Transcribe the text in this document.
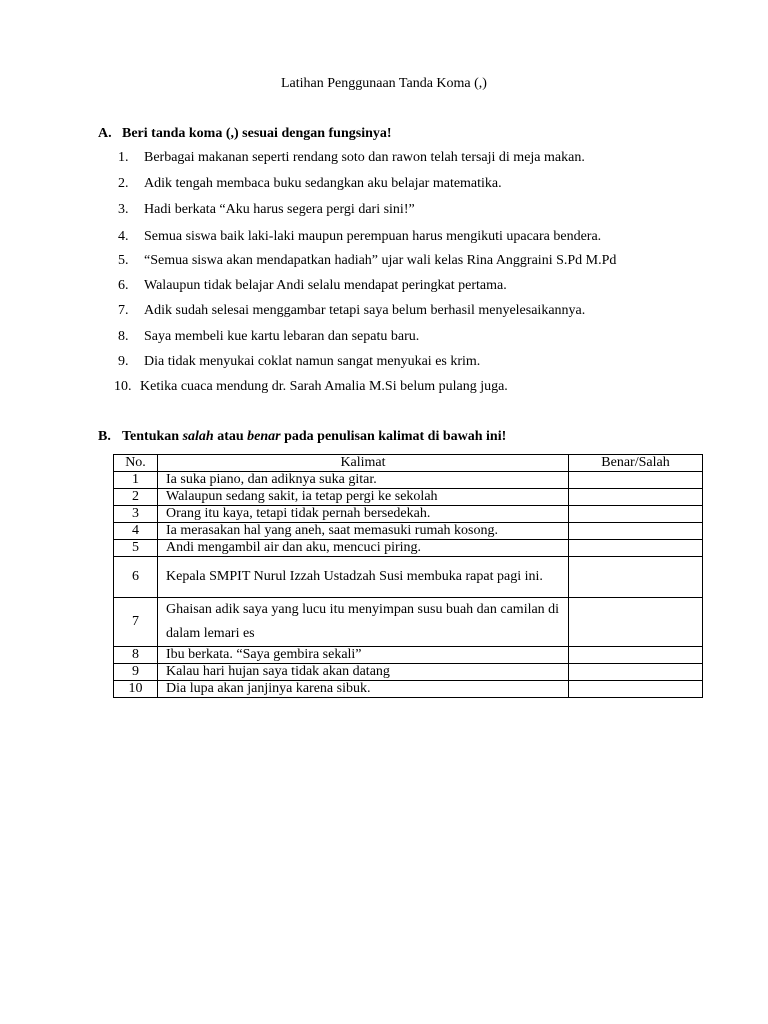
Latihan Penggunaan Tanda Koma (,)
A. Beri tanda koma (,) sesuai dengan fungsinya!
1. Berbagai makanan seperti rendang soto dan rawon telah tersaji di meja makan.
2. Adik tengah membaca buku sedangkan aku belajar matematika.
3. Hadi berkata “Aku harus segera pergi dari sini!”
4. Semua siswa baik laki-laki maupun perempuan harus mengikuti upacara bendera.
5. “Semua siswa akan mendapatkan hadiah” ujar wali kelas Rina Anggraini S.Pd M.Pd
6. Walaupun tidak belajar Andi selalu mendapat peringkat pertama.
7. Adik sudah selesai menggambar tetapi saya belum berhasil menyelesaikannya.
8. Saya membeli kue kartu lebaran dan sepatu baru.
9. Dia tidak menyukai coklat namun sangat menyukai es krim.
10. Ketika cuaca mendung dr. Sarah Amalia M.Si belum pulang juga.
B. Tentukan salah atau benar pada penulisan kalimat di bawah ini!
No.	Kalimat	Benar/Salah
1	Ia suka piano, dan adiknya suka gitar.	
2	Walaupun sedang sakit, ia tetap pergi ke sekolah	
3	Orang itu kaya, tetapi tidak pernah bersedekah.	
4	Ia merasakan hal yang aneh, saat memasuki rumah kosong.	
5	Andi mengambil air dan aku, mencuci piring.	
6	Kepala SMPIT Nurul Izzah Ustadzah Susi membuka rapat pagi ini.	
7	Ghaisan adik saya yang lucu itu menyimpan susu buah dan camilan di dalam lemari es	
8	Ibu berkata. “Saya gembira sekali”	
9	Kalau hari hujan saya tidak akan datang	
10	Dia lupa akan janjinya karena sibuk.	
